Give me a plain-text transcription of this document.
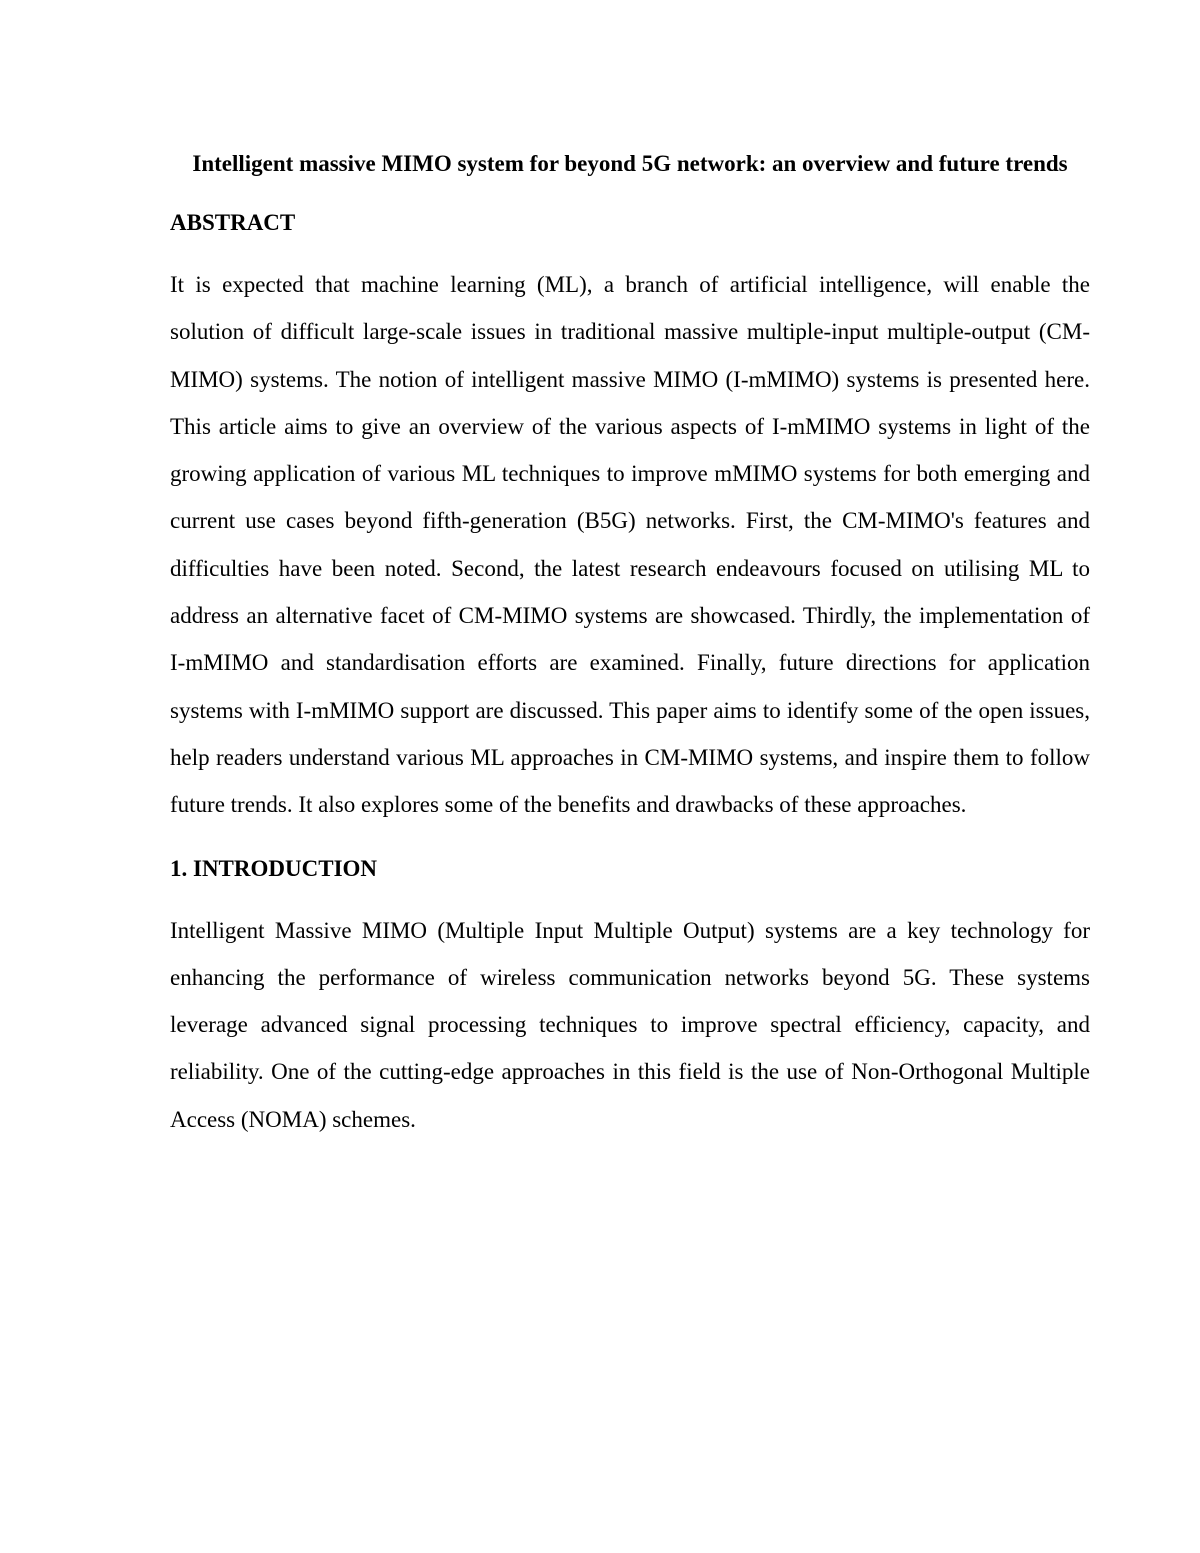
Intelligent massive MIMO system for beyond 5G network: an overview and future trends
ABSTRACT

It is expected that machine learning (ML), a branch of artificial intelligence, will enable the solution of difficult large-scale issues in traditional massive multiple-input multiple-output (CM-MIMO) systems. The notion of intelligent massive MIMO (I-mMIMO) systems is presented here. This article aims to give an overview of the various aspects of I-mMIMO systems in light of the growing application of various ML techniques to improve mMIMO systems for both emerging and current use cases beyond fifth-generation (B5G) networks. First, the CM-MIMO's features and difficulties have been noted. Second, the latest research endeavours focused on utilising ML to address an alternative facet of CM-MIMO systems are showcased. Thirdly, the implementation of I-mMIMO and standardisation efforts are examined. Finally, future directions for application systems with I-mMIMO support are discussed. This paper aims to identify some of the open issues, help readers understand various ML approaches in CM-MIMO systems, and inspire them to follow future trends. It also explores some of the benefits and drawbacks of these approaches.

1. INTRODUCTION

Intelligent Massive MIMO (Multiple Input Multiple Output) systems are a key technology for enhancing the performance of wireless communication networks beyond 5G. These systems leverage advanced signal processing techniques to improve spectral efficiency, capacity, and reliability. One of the cutting-edge approaches in this field is the use of Non-Orthogonal Multiple Access (NOMA) schemes.
